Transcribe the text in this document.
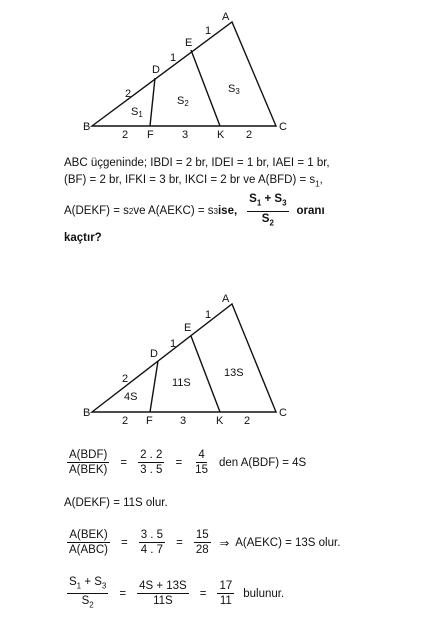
A
B	C
D
E
F	K
2
1
1
2	3	2
S1
S2
S3
ABC üçgeninde; IBDI = 2 br, IDEI = 1 br, IAEI = 1 br,
(BF) = 2 br, IFKI = 3 br, IKCI = 2 br ve $A(BFD) = s_1$,
A(DEKF) = s 2 ve A(AEKC) = s 3 ise, $\frac{S_1 + S_3}{S_2}$ oranı
kaçtır?
A
B	C
D
E
F	K
2
1
1
2	3	2
4S
11S
13S
$\frac{\text{A(BDF)}}{\text{A(BEK)}} = \frac{2 . 2}{3 . 5} = \frac{4}{15}$ den A(BDF) = 4S
A(DEKF) = 11S olur.
$\frac{\text{A(BEK)}}{\text{A(ABC)}} = \frac{3 . 5}{4 . 7} = \frac{15}{28}$ ⇒ A(AEKC) = 13S olur.
$\frac{S_1 + S_3}{S_2} = \frac{4S + 13S}{11S} = \frac{17}{11}$ bulunur.
